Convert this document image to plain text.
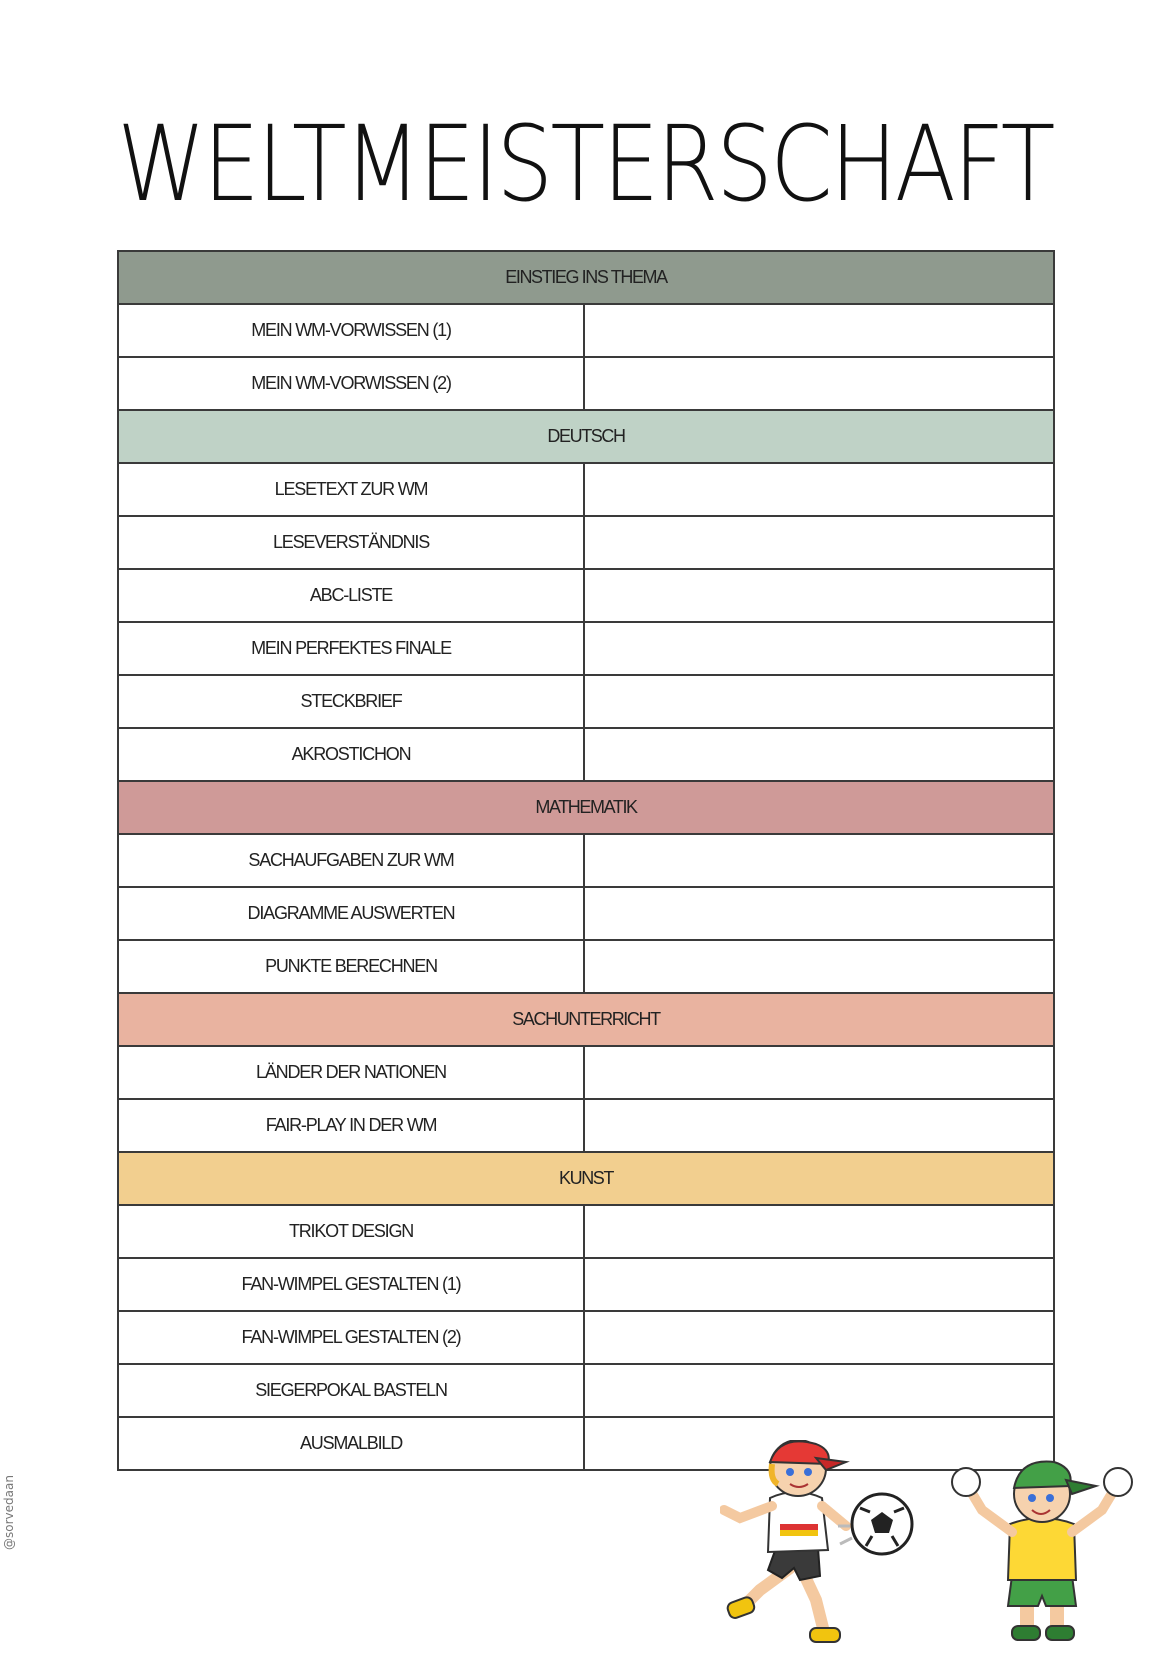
WELTMEISTERSCHAFT
EINSTIEG INS THEMA	
MEIN WM-VORWISSEN (1)	
MEIN WM-VORWISSEN (2)	
DEUTSCH	
LESETEXT ZUR WM	
LESEVERSTÄNDNIS	
ABC-LISTE	
MEIN PERFEKTES FINALE	
STECKBRIEF	
AKROSTICHON	
MATHEMATIK	
SACHAUFGABEN ZUR WM	
DIAGRAMME AUSWERTEN	
PUNKTE BERECHNEN	
SACHUNTERRICHT	
LÄNDER DER NATIONEN	
FAIR-PLAY IN DER WM	
KUNST	
TRIKOT DESIGN	
FAN-WIMPEL GESTALTEN (1)	
FAN-WIMPEL GESTALTEN (2)	
SIEGERPOKAL BASTELN	
AUSMALBILD	
@sorvedaan
